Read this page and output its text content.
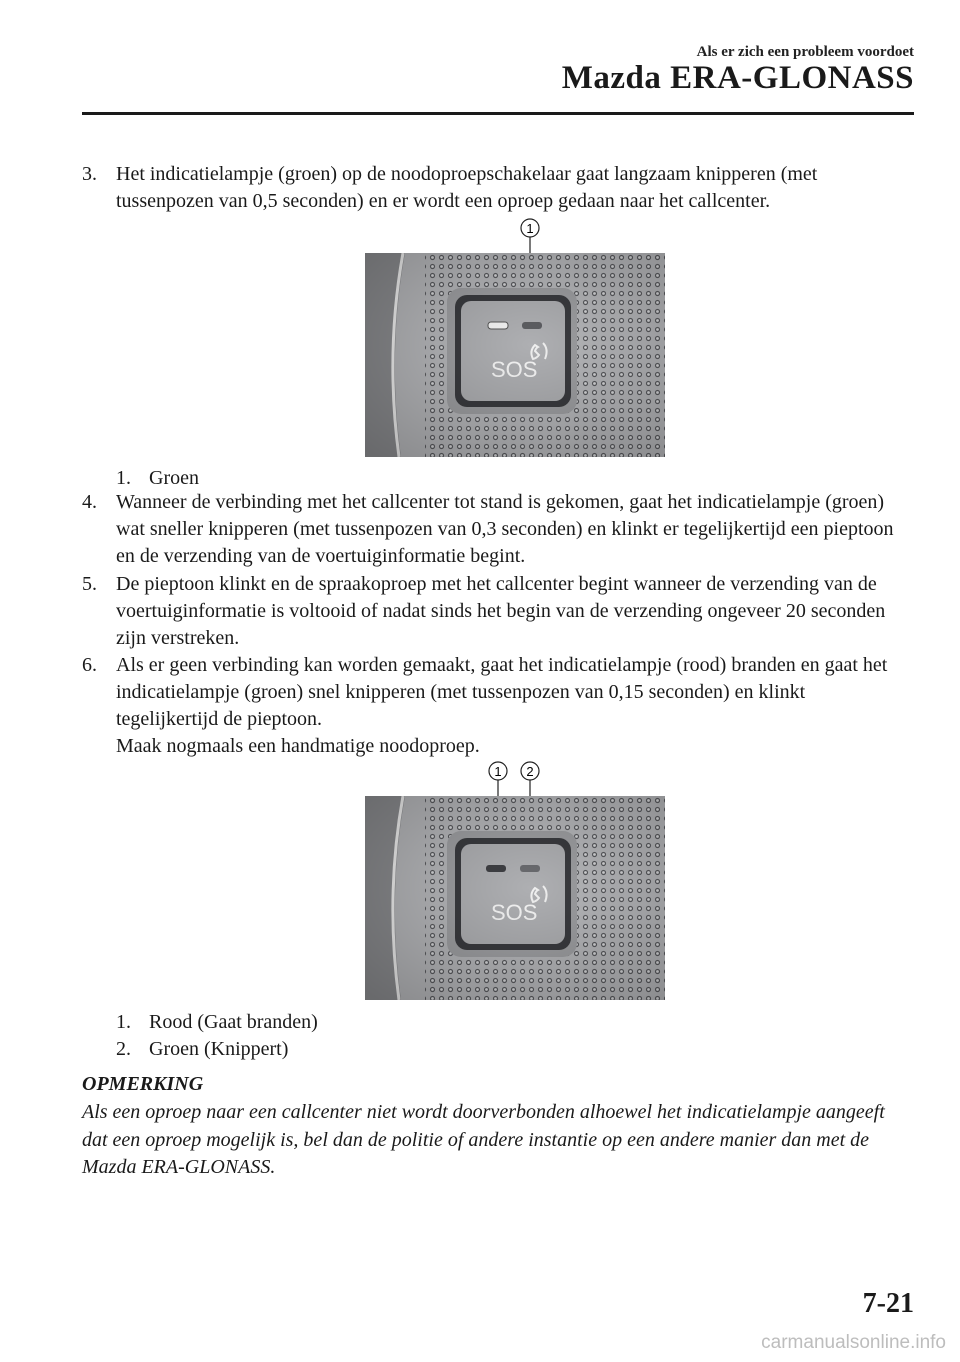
Als er zich een probleem voordoet
Mazda ERA-GLONASS
3. Het indicatielampje (groen) op de noodoproepschakelaar gaat langzaam knipperen (met tussenpozen van 0,5 seconden) en er wordt een oproep gedaan naar het callcenter.
1
1. Groen
4. Wanneer de verbinding met het callcenter tot stand is gekomen, gaat het indicatielampje (groen) wat sneller knipperen (met tussenpozen van 0,3 seconden) en klinkt er tegelijkertijd een pieptoon en de verzending van de voertuiginformatie begint.
5. De pieptoon klinkt en de spraakoproep met het callcenter begint wanneer de verzending van de voertuiginformatie is voltooid of nadat sinds het begin van de verzending ongeveer 20 seconden zijn verstreken.
6. Als er geen verbinding kan worden gemaakt, gaat het indicatielampje (rood) branden en gaat het indicatielampje (groen) snel knipperen (met tussenpozen van 0,15 seconden) en klinkt tegelijkertijd de pieptoon.
Maak nogmaals een handmatige noodoproep.
1 2
1. Rood (Gaat branden)
2. Groen (Knippert)
OPMERKING
Als een oproep naar een callcenter niet wordt doorverbonden alhoewel het indicatielampje aangeeft dat een oproep mogelijk is, bel dan de politie of andere instantie op een andere manier dan met de Mazda ERA-GLONASS.
7-21
carmanualsonline.info
